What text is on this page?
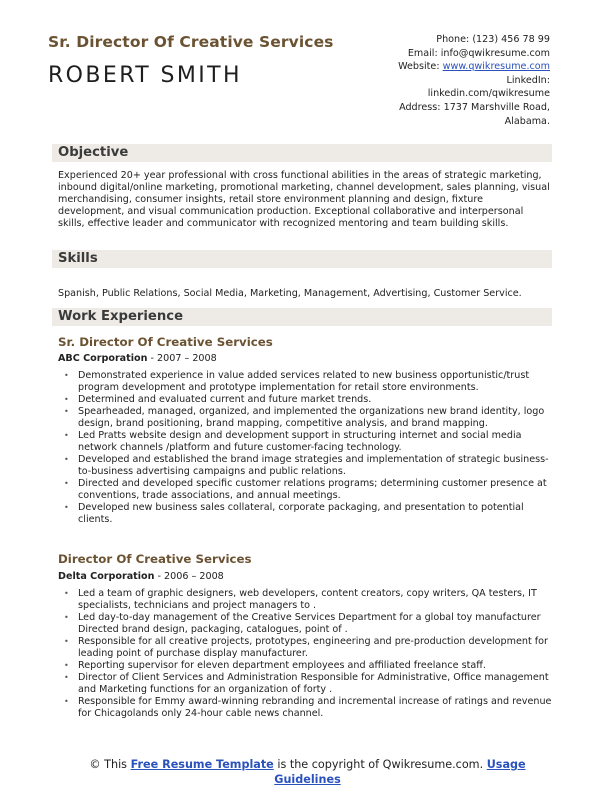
Sr. Director Of Creative Services
ROBERT SMITH
Phone: (123) 456 78 99
Email: info@qwikresume.com
Website: www.qwikresume.com
LinkedIn:
linkedin.com/qwikresume
Address: 1737 Marshville Road,
Alabama.
Objective
Experienced 20+ year professional with cross functional abilities in the areas of strategic marketing, inbound digital/online marketing, promotional marketing, channel development, sales planning, visual merchandising, consumer insights, retail store environment planning and design, fixture development, and visual communication production. Exceptional collaborative and interpersonal skills, effective leader and communicator with recognized mentoring and team building skills.
Skills
Spanish, Public Relations, Social Media, Marketing, Management, Advertising, Customer Service.
Work Experience
Sr. Director Of Creative Services
ABC Corporation - 2007 – 2008
• Demonstrated experience in value added services related to new business opportunistic/trust program development and prototype implementation for retail store environments.
• Determined and evaluated current and future market trends.
• Spearheaded, managed, organized, and implemented the organizations new brand identity, logo design, brand positioning, brand mapping, competitive analysis, and brand mapping.
• Led Pratts website design and development support in structuring internet and social media network channels /platform and future customer-facing technology.
• Developed and established the brand image strategies and implementation of strategic business-to-business advertising campaigns and public relations.
• Directed and developed specific customer relations programs; determining customer presence at conventions, trade associations, and annual meetings.
• Developed new business sales collateral, corporate packaging, and presentation to potential clients.
Director Of Creative Services
Delta Corporation - 2006 – 2008
• Led a team of graphic designers, web developers, content creators, copy writers, QA testers, IT specialists, technicians and project managers to .
• Led day-to-day management of the Creative Services Department for a global toy manufacturer Directed brand design, packaging, catalogues, point of .
• Responsible for all creative projects, prototypes, engineering and pre-production development for leading point of purchase display manufacturer.
• Reporting supervisor for eleven department employees and affiliated freelance staff.
• Director of Client Services and Administration Responsible for Administrative, Office management and Marketing functions for an organization of forty .
• Responsible for Emmy award-winning rebranding and incremental increase of ratings and revenue for Chicagolands only 24-hour cable news channel.
© This Free Resume Template is the copyright of Qwikresume.com. Usage Guidelines
